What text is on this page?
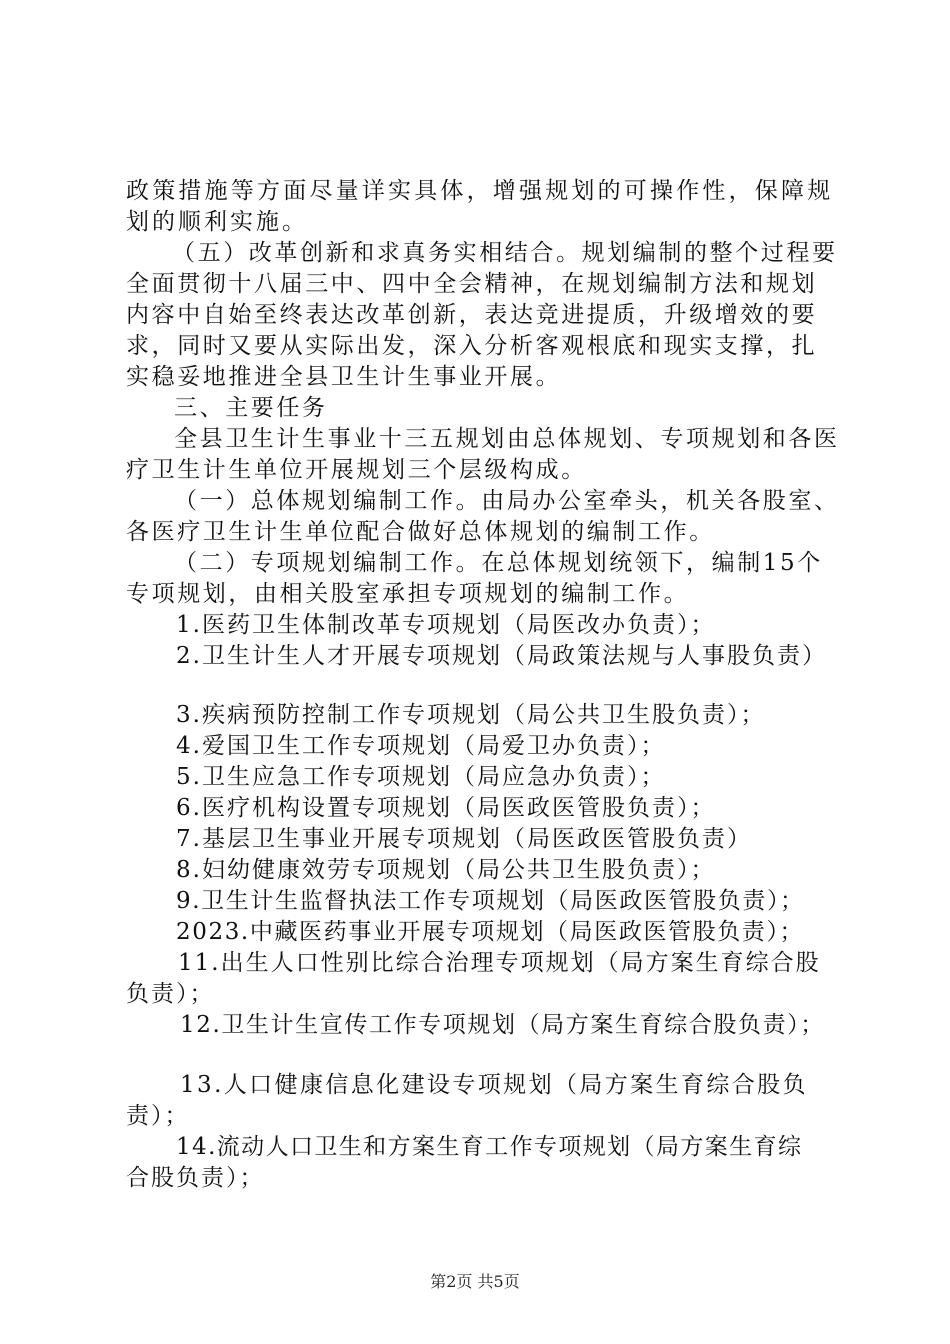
政策措施等方面尽量详实具体，增强规划的可操作性，保障规
划的顺利实施。
（五）改革创新和求真务实相结合。规划编制的整个过程要
全面贯彻十八届三中、四中全会精神，在规划编制方法和规划
内容中自始至终表达改革创新，表达竞进提质，升级增效的要
求，同时又要从实际出发，深入分析客观根底和现实支撑，扎
实稳妥地推进全县卫生计生事业开展。
三、主要任务
全县卫生计生事业十三五规划由总体规划、专项规划和各医
疗卫生计生单位开展规划三个层级构成。
（一）总体规划编制工作。由局办公室牵头，机关各股室、
各医疗卫生计生单位配合做好总体规划的编制工作。
（二）专项规划编制工作。在总体规划统领下，编制15个
专项规划，由相关股室承担专项规划的编制工作。
1.医药卫生体制改革专项规划（局医改办负责）；
2.卫生计生人才开展专项规划（局政策法规与人事股负责）
3.疾病预防控制工作专项规划（局公共卫生股负责）；
4.爱国卫生工作专项规划（局爱卫办负责）；
5.卫生应急工作专项规划（局应急办负责）；
6.医疗机构设置专项规划（局医政医管股负责）；
7.基层卫生事业开展专项规划（局医政医管股负责）
8.妇幼健康效劳专项规划（局公共卫生股负责）；
9.卫生计生监督执法工作专项规划（局医政医管股负责）；
2023.中藏医药事业开展专项规划（局医政医管股负责）；
11.出生人口性别比综合治理专项规划（局方案生育综合股
负责）；
12.卫生计生宣传工作专项规划（局方案生育综合股负责）；
13.人口健康信息化建设专项规划（局方案生育综合股负
责）；
14.流动人口卫生和方案生育工作专项规划（局方案生育综
合股负责）；
第2页 共5页
